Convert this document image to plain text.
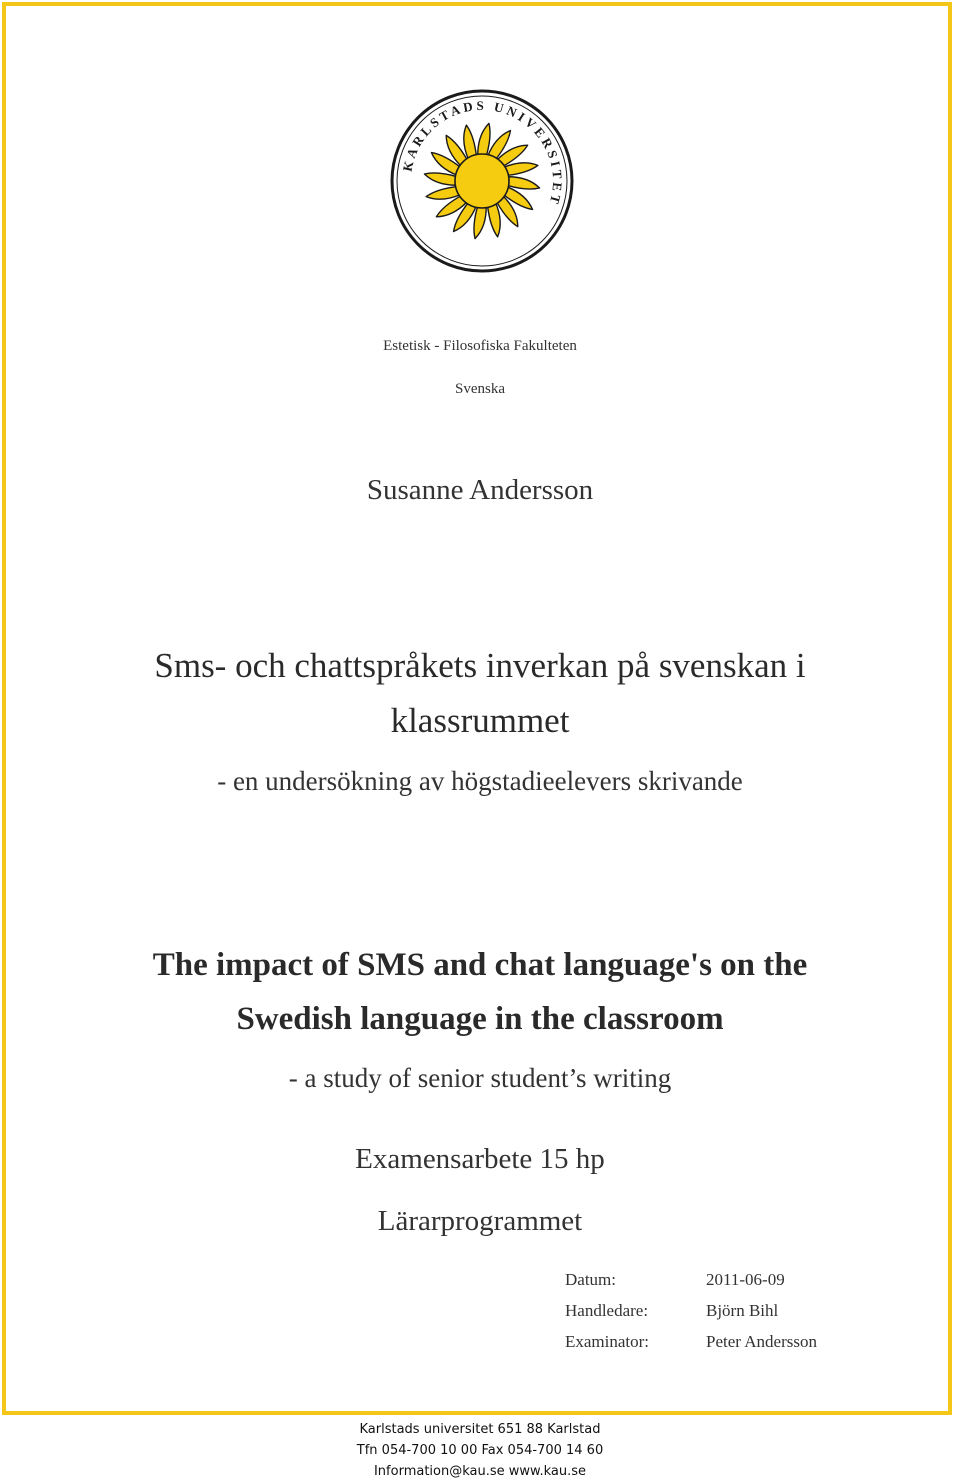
KARLSTADS UNIVERSITET
Estetisk - Filosofiska Fakulteten
Svenska
Susanne Andersson
Sms- och chattspråkets inverkan på svenskan i
klassrummet
- en undersökning av högstadieelevers skrivande
The impact of SMS and chat language's on the
Swedish language in the classroom
- a study of senior student’s writing
Examensarbete 15 hp
Lärarprogrammet
Datum:	2011-06-09
Handledare:	Björn Bihl
Examinator:	Peter Andersson
Karlstads universitet 651 88 Karlstad
Tfn 054-700 10 00 Fax 054-700 14 60
Information@kau.se www.kau.se
